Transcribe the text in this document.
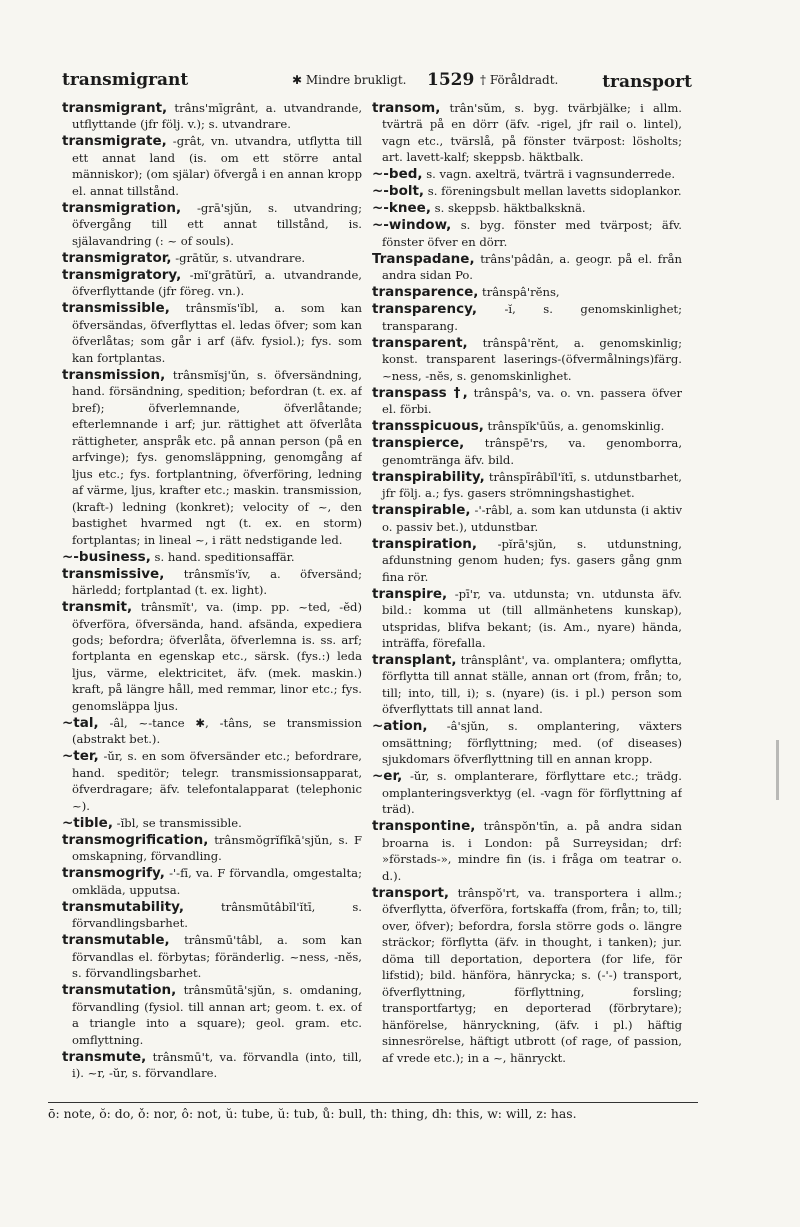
transmigrant	✱ Mindre brukligt. 1529 † Föråldradt.	transport

transmigrant, trâns'mīgrânt, a. utvandrande, utflyttande (jfr följ. v.); s. utvandrare.

transmigrate, -grât, vn. utvandra, utflytta till ett annat land (is. om ett större antal människor); (om själar) öfvergå i en annan kropp el. annat tillstånd.

transmigration, -grā'sjŭn, s. utvandring; öfvergång till ett annat tillstånd, is. själavandring (: ~ of souls).

transmigrator, -grātŭr, s. utvandrare.

transmigratory, -mĭ'grātŭrī, a. utvandrande, öfverflyttande (jfr föreg. vn.).

transmissible, trânsmĭs'ĭbl, a. som kan öfversändas, öfverflyttas el. ledas öfver; som kan öfverlåtas; som går i arf (äfv. fysiol.); fys. som kan fortplantas.

transmission, trânsmĭsj'ŭn, s. öfversändning, hand. försändning, spedition; befordran (t. ex. af bref); öfverlemnande, öfverlåtande; efterlemnande i arf; jur. rättighet att öfverlåta rättigheter, anspråk etc. på annan person (på en arfvinge); fys. genomsläppning, genomgång af ljus etc.; fys. fortplantning, öfverföring, ledning af värme, ljus, krafter etc.; maskin. transmission, (kraft-) ledning (konkret); velocity of ~, den bastighet hvarmed ngt (t. ex. en storm) fortplantas; in lineal ~, i rätt nedstigande led.

~-business, s. hand. speditionsaffär.

transmissive, trânsmĭs'ĭv, a. öfversänd; härledd; fortplantad (t. ex. light).

transmit, trânsmĭt', va. (imp. pp. ~ted, -ĕd) öfverföra, öfversända, hand. afsända, expediera gods; befordra; öfverlåta, öfverlemna is. ss. arf; fortplanta en egenskap etc., särsk. (fys.:) leda ljus, värme, elektricitet, äfv. (mek. maskin.) kraft, på längre håll, med remmar, linor etc.; fys. genomsläppa ljus.

~tal, -âl, ~-tance ✱, -tâns, se transmission (abstrakt bet.).

~ter, -ŭr, s. en som öfversänder etc.; befordrare, hand. speditör; telegr. transmissionsapparat, öfverdragare; äfv. telefontalapparat (telephonic ~).

~tible, -ĭbl, se transmissible.

transmogrification, trânsmŏgrĭfĭkā'sjŭn, s. F omskapning, förvandling.

transmogrify, -'-fī, va. F förvandla, omgestalta; omkläda, upputsa.

transmutability, trânsmūtâbĭl'ĭtī, s. förvandlingsbarhet.

transmutable, trânsmū'tâbl, a. som kan förvandlas el. förbytas; föränderlig. ~ness, -nĕs, s. förvandlingsbarhet.

transmutation, trânsmūtā'sjŭn, s. omdaning, förvandling (fysiol. till annan art; geom. t. ex. of a triangle into a square); geol. gram. etc. omflyttning.

transmute, trânsmū't, va. förvandla (into, till, i). ~r, -ŭr, s. förvandlare.

transom, trân'sŭm, s. byg. tvärbjälke; i allm. tvärträ på en dörr (äfv. -rigel, jfr rail o. lintel), vagn etc., tvärslå, på fönster tvärpost: lösholts; art. lavett-kalf; skeppsb. häktbalk.

~-bed, s. vagn. axelträ, tvärträ i vagnsunderrede.

~-bolt, s. föreningsbult mellan lavetts sidoplankor.

~-knee, s. skeppsb. häktbalksknä.

~-window, s. byg. fönster med tvärpost; äfv. fönster öfver en dörr.

Transpadane, trâns'pâdân, a. geogr. på el. från andra sidan Po.

transparence, trânspâ'rĕns,

transparency, -ĭ, s. genomskinlighet; transparang.

transparent, trânspâ'rĕnt, a. genomskinlig; konst. transparent laserings-(öfvermålnings)färg. ~ness, -nĕs, s. genomskinlighet.

transpass †, trânspâ's, va. o. vn. passera öfver el. förbi.

transspicuous, trânspĭk'ūŭs, a. genomskinlig.

transpierce, trânspē'rs, va. genomborra, genomtränga äfv. bild.

transpirability, trânspīrâbĭl'ĭtī, s. utdunstbarhet, jfr följ. a.; fys. gasers strömningshastighet.

transpirable, -'-râbl, a. som kan utdunsta (i aktiv o. passiv bet.), utdunstbar.

transpiration, -pĭrā'sjŭn, s. utdunstning, afdunstning genom huden; fys. gasers gång gnm fina rör.

transpire, -pī'r, va. utdunsta; vn. utdunsta äfv. bild.: komma ut (till allmänhetens kunskap), utspridas, blifva bekant; (is. Am., nyare) hända, inträffa, förefalla.

transplant, trânsplânt', va. omplantera; omflytta, förflytta till annat ställe, annan ort (from, från; to, till; into, till, i); s. (nyare) (is. i pl.) person som öfverflyttats till annat land.

~ation, -â'sjŭn, s. omplantering, växters omsättning; förflyttning; med. (of diseases) sjukdomars öfverflyttning till en annan kropp.

~er, -ŭr, s. omplanterare, förflyttare etc.; trädg. omplanteringsverktyg (el. -vagn för förflyttning af träd).

transpontine, trânspŏn'tīn, a. på andra sidan broarna is. i London: på Surreysidan; drf: »förstads-», mindre fin (is. i fråga om teatrar o. d.).

transport, trânspŏ'rt, va. transportera i allm.; öfverflytta, öfverföra, fortskaffa (from, från; to, till; over, öfver); befordra, forsla större gods o. längre sträckor; förflytta (äfv. in thought, i tanken); jur. döma till deportation, deportera (for life, för lifstid); bild. hänföra, hänrycka; s. (-'-) transport, öfverflyttning, förflyttning, forsling; transportfartyg; en deporterad (förbrytare); hänförelse, hänryckning, (äfv. i pl.) häftig sinnesrörelse, häftigt utbrott (of rage, of passion, af vrede etc.); in a ~, hänryckt.

ō: note, ŏ: do, ǒ: nor, ô: not, ŭ: tube, ŭ: tub, ů: bull, th: thing, dh: this, w: will, z: has.
